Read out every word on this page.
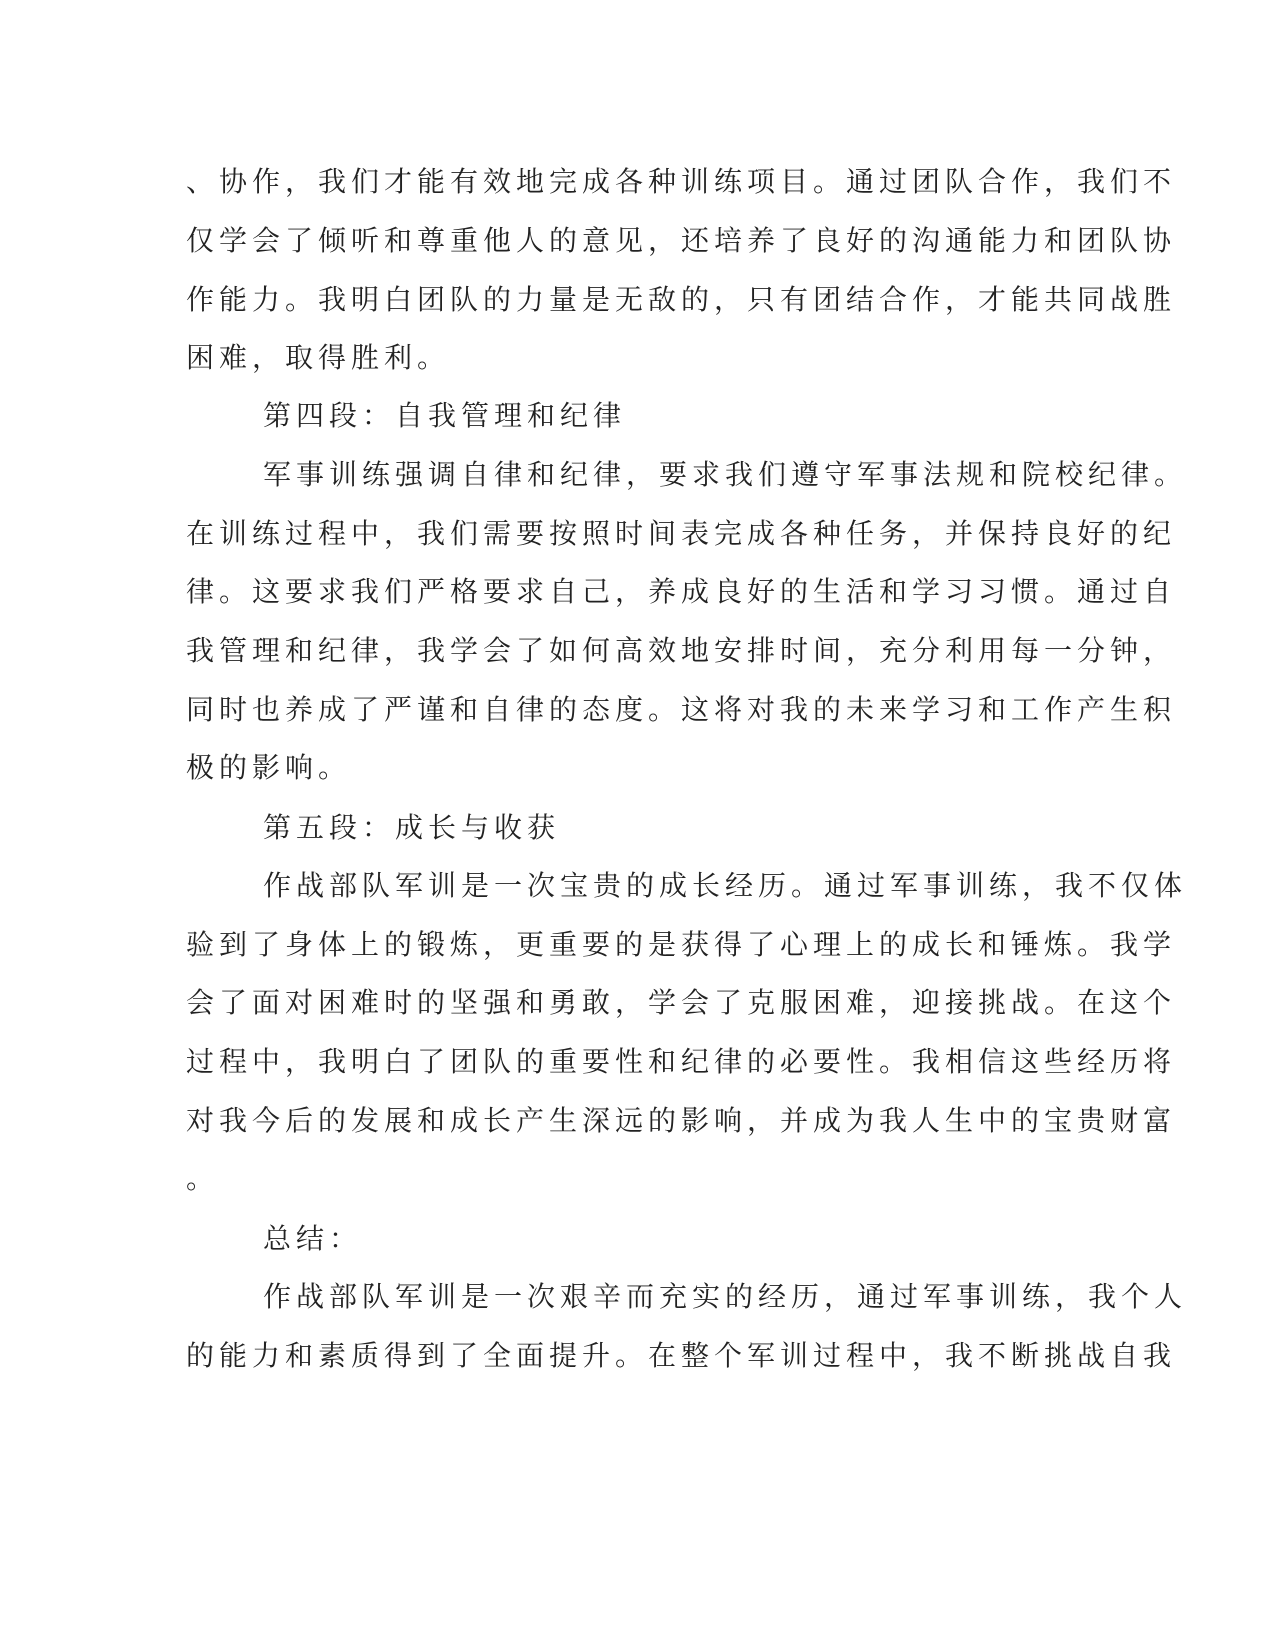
、协作，我们才能有效地完成各种训练项目。通过团队合作，我们不
仅学会了倾听和尊重他人的意见，还培养了良好的沟通能力和团队协
作能力。我明白团队的力量是无敌的，只有团结合作，才能共同战胜
困难，取得胜利。
第四段：自我管理和纪律
军事训练强调自律和纪律，要求我们遵守军事法规和院校纪律。
在训练过程中，我们需要按照时间表完成各种任务，并保持良好的纪
律。这要求我们严格要求自己，养成良好的生活和学习习惯。通过自
我管理和纪律，我学会了如何高效地安排时间，充分利用每一分钟，
同时也养成了严谨和自律的态度。这将对我的未来学习和工作产生积
极的影响。
第五段：成长与收获
作战部队军训是一次宝贵的成长经历。通过军事训练，我不仅体
验到了身体上的锻炼，更重要的是获得了心理上的成长和锤炼。我学
会了面对困难时的坚强和勇敢，学会了克服困难，迎接挑战。在这个
过程中，我明白了团队的重要性和纪律的必要性。我相信这些经历将
对我今后的发展和成长产生深远的影响，并成为我人生中的宝贵财富
。
总结：
作战部队军训是一次艰辛而充实的经历，通过军事训练，我个人
的能力和素质得到了全面提升。在整个军训过程中，我不断挑战自我
